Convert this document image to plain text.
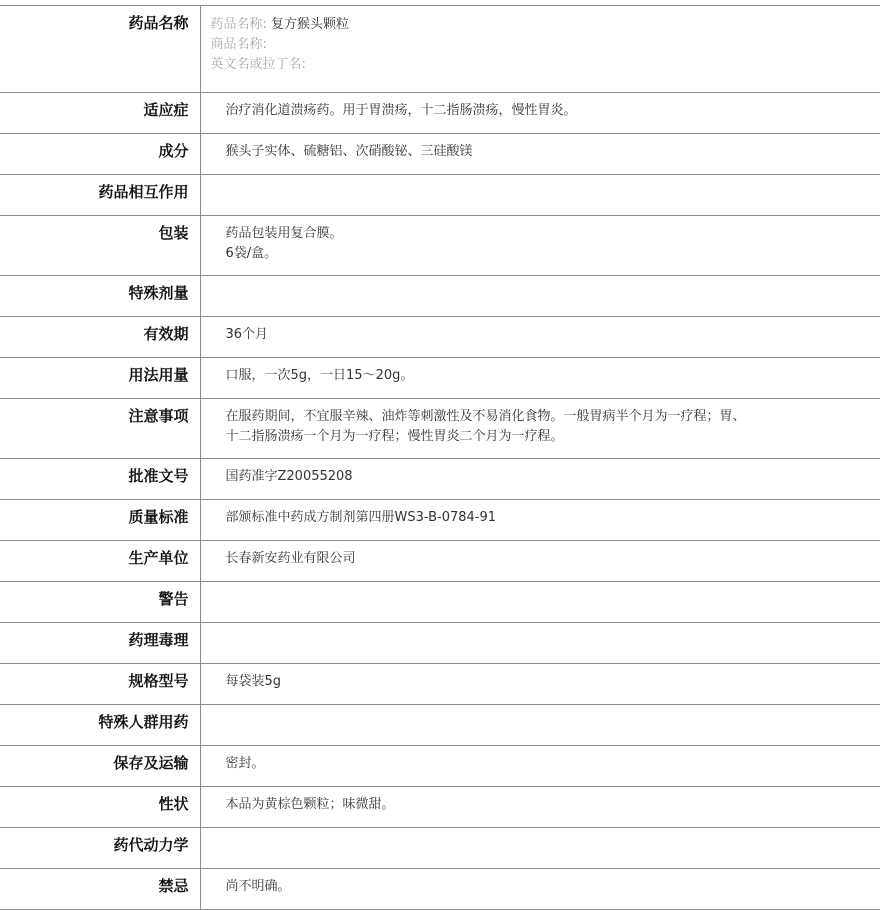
药品名称	药品名称: 复方猴头颗粒
商品名称:
英文名或拉丁名:

适应症	治疗消化道溃疡药。用于胃溃疡，十二指肠溃疡，慢性胃炎。

成分	猴头子实体、硫糖铝、次硝酸铋、三硅酸镁

药品相互作用	
包装	药品包装用复合膜。
6袋/盒。

特殊剂量	
有效期	36个月

用法用量	口服，一次5g，一日15～20g。

注意事项	在服药期间，不宜服辛辣、油炸等刺激性及不易消化食物。一般胃病半个月为一疗程；胃、
十二指肠溃疡一个月为一疗程；慢性胃炎二个月为一疗程。

批准文号	国药准字Z20055208

质量标准	部颁标准中药成方制剂第四册WS3-B-0784-91

生产单位	长春新安药业有限公司

警告	
药理毒理	
规格型号	每袋装5g

特殊人群用药	
保存及运输	密封。

性状	本品为黄棕色颗粒；味微甜。

药代动力学	
禁忌	尚不明确。
